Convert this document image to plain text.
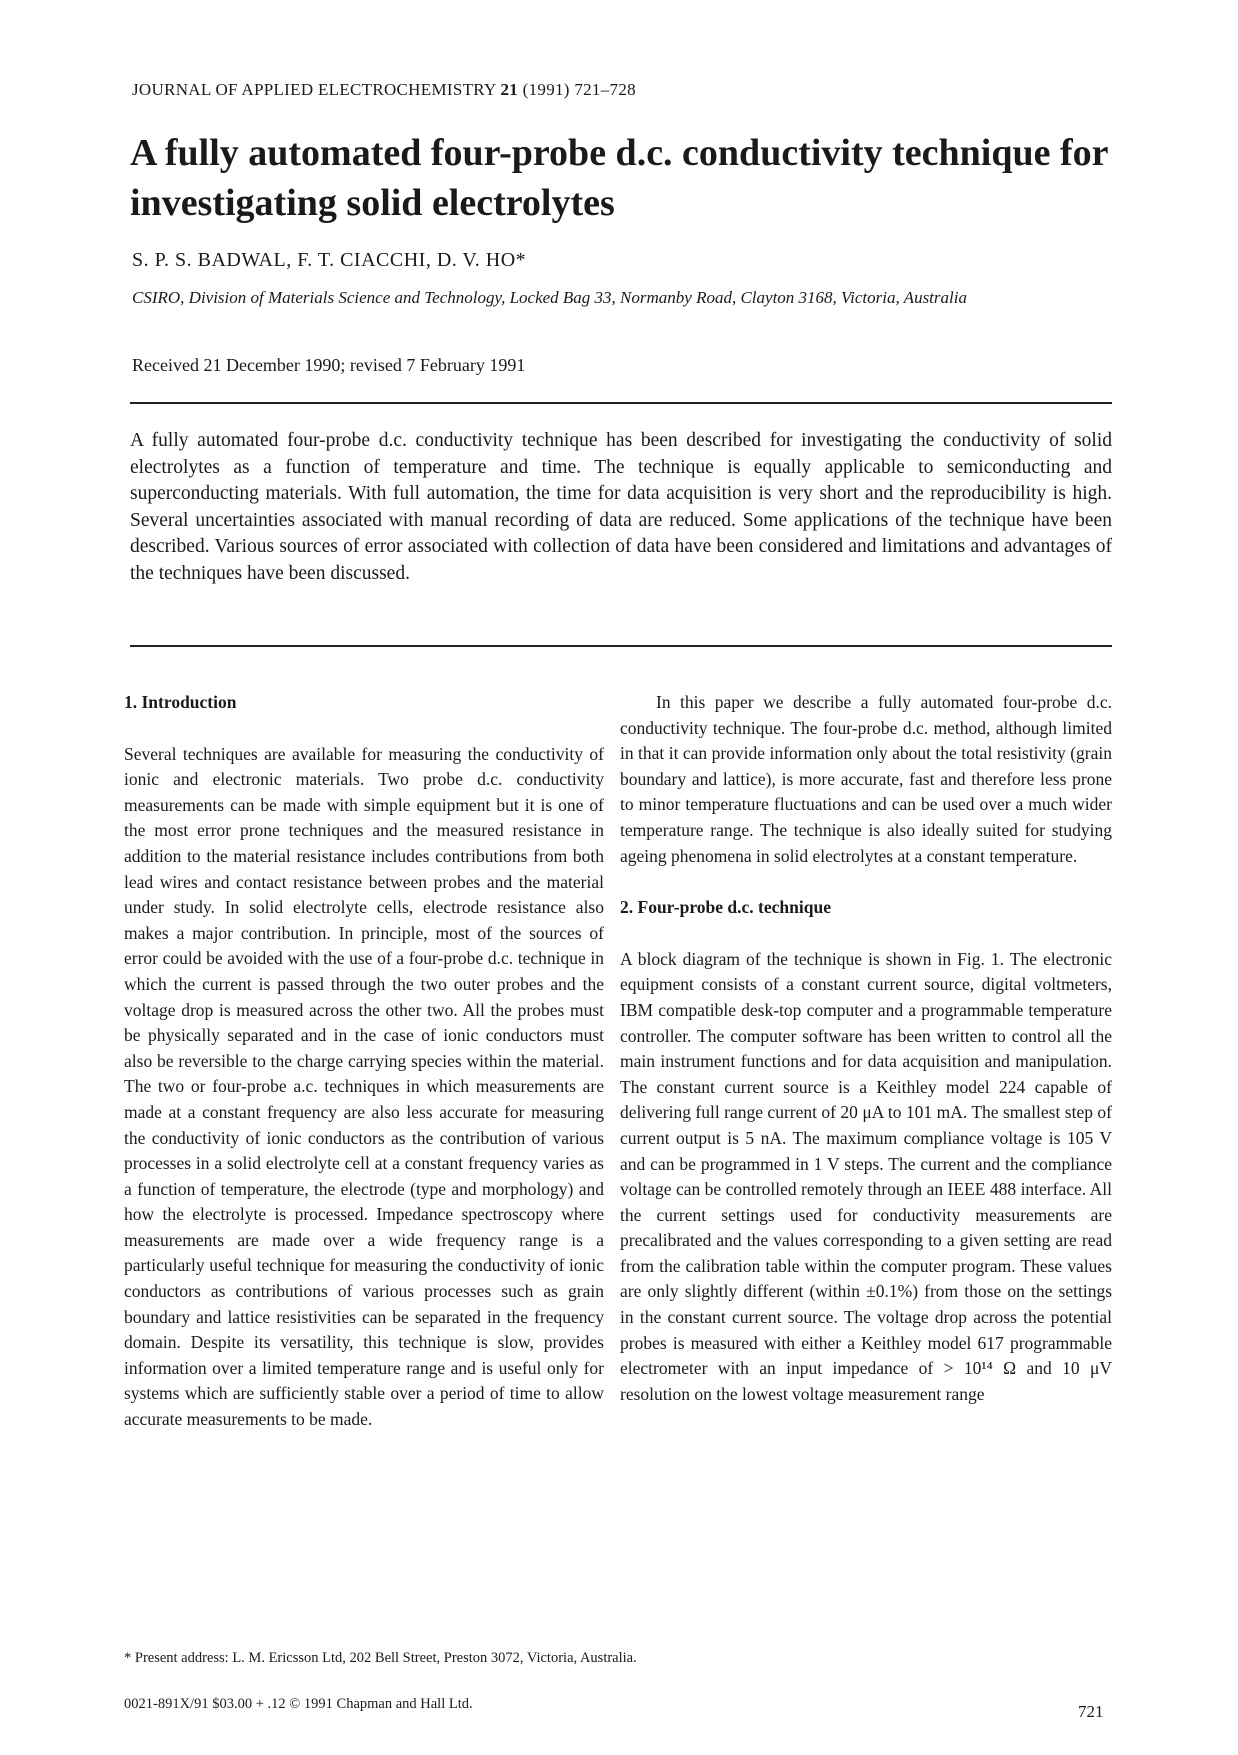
JOURNAL OF APPLIED ELECTROCHEMISTRY 21 (1991) 721–728
A fully automated four-probe d.c. conductivity technique for investigating solid electrolytes
S. P. S. BADWAL, F. T. CIACCHI, D. V. HO*
CSIRO, Division of Materials Science and Technology, Locked Bag 33, Normanby Road, Clayton 3168, Victoria, Australia
Received 21 December 1990; revised 7 February 1991

A fully automated four-probe d.c. conductivity technique has been described for investigating the conductivity of solid electrolytes as a function of temperature and time. The technique is equally applicable to semiconducting and superconducting materials. With full automation, the time for data acquisition is very short and the reproducibility is high. Several uncertainties associated with manual recording of data are reduced. Some applications of the technique have been described. Various sources of error associated with collection of data have been considered and limitations and advantages of the techniques have been discussed.

1. Introduction

Several techniques are available for measuring the conductivity of ionic and electronic materials. Two probe d.c. conductivity measurements can be made with simple equipment but it is one of the most error prone techniques and the measured resistance in addition to the material resistance includes contributions from both lead wires and contact resistance between probes and the material under study. In solid electrolyte cells, electrode resistance also makes a major contribution. In principle, most of the sources of error could be avoided with the use of a four-probe d.c. technique in which the current is passed through the two outer probes and the voltage drop is measured across the other two. All the probes must be physically separated and in the case of ionic conductors must also be reversible to the charge carrying species within the material. The two or four-probe a.c. techniques in which measurements are made at a constant frequency are also less accurate for measuring the conductivity of ionic conductors as the contribution of various processes in a solid electrolyte cell at a constant frequency varies as a function of temperature, the electrode (type and morphology) and how the electrolyte is processed. Impedance spectroscopy where measurements are made over a wide frequency range is a particularly useful technique for measuring the conductivity of ionic conductors as contributions of various processes such as grain boundary and lattice resistivities can be separated in the frequency domain. Despite its versatility, this technique is slow, provides information over a limited temperature range and is useful only for systems which are sufficiently stable over a period of time to allow accurate measurements to be made.

In this paper we describe a fully automated four-probe d.c. conductivity technique. The four-probe d.c. method, although limited in that it can provide information only about the total resistivity (grain boundary and lattice), is more accurate, fast and therefore less prone to minor temperature fluctuations and can be used over a much wider temperature range. The technique is also ideally suited for studying ageing phenomena in solid electrolytes at a constant temperature.

2. Four-probe d.c. technique

A block diagram of the technique is shown in Fig. 1. The electronic equipment consists of a constant current source, digital voltmeters, IBM compatible desk-top computer and a programmable temperature controller. The computer software has been written to control all the main instrument functions and for data acquisition and manipulation. The constant current source is a Keithley model 224 capable of delivering full range current of 20 μA to 101 mA. The smallest step of current output is 5 nA. The maximum compliance voltage is 105 V and can be programmed in 1 V steps. The current and the compliance voltage can be controlled remotely through an IEEE 488 interface. All the current settings used for conductivity measurements are precalibrated and the values corresponding to a given setting are read from the calibration table within the computer program. These values are only slightly different (within ±0.1%) from those on the settings in the constant current source. The voltage drop across the potential probes is measured with either a Keithley model 617 programmable electrometer with an input impedance of > 10¹⁴ Ω and 10 μV resolution on the lowest voltage measurement range

* Present address: L. M. Ericsson Ltd, 202 Bell Street, Preston 3072, Victoria, Australia.
0021-891X/91 $03.00 + .12 © 1991 Chapman and Hall Ltd.	721
